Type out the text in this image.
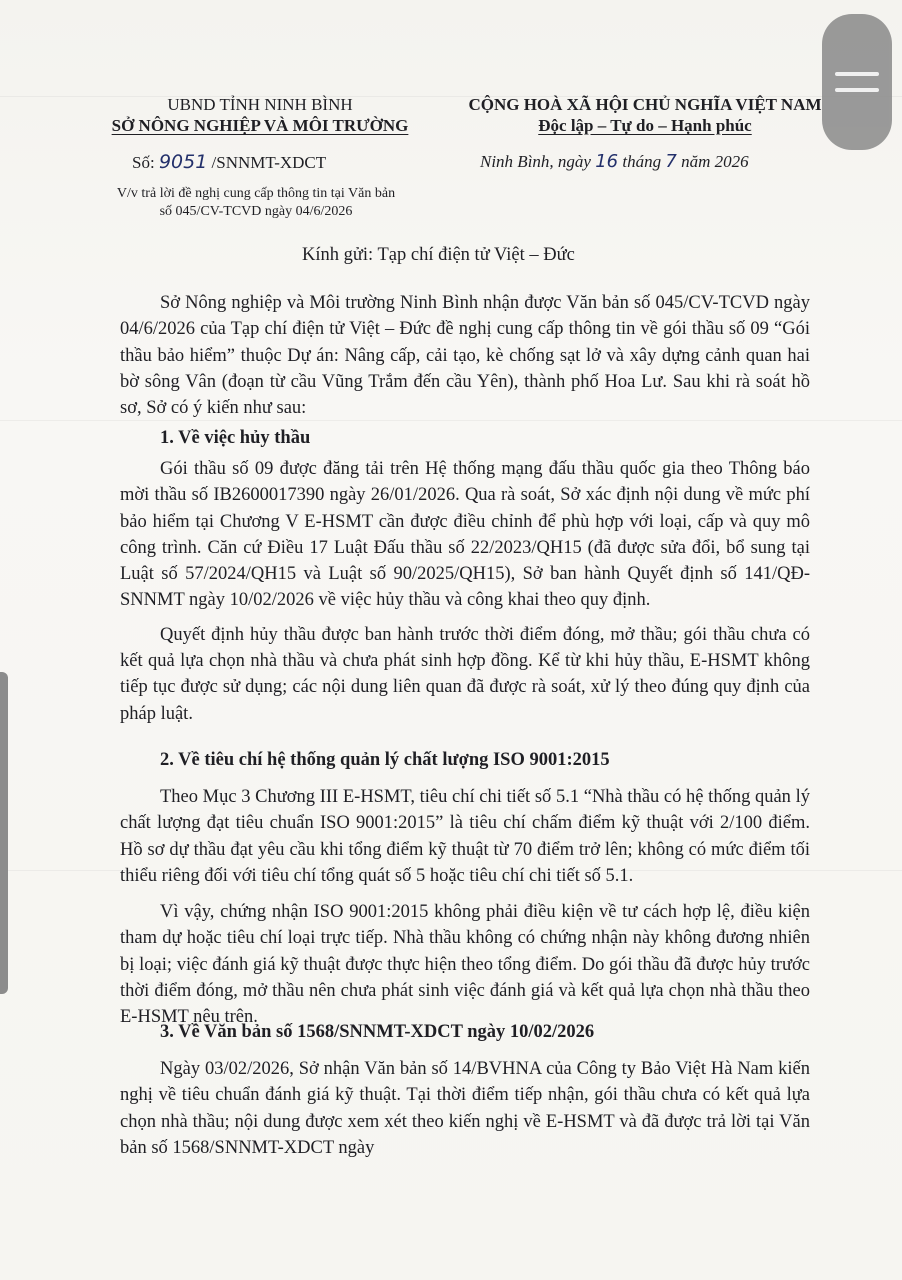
UBND TỈNH NINH BÌNH
SỞ NÔNG NGHIỆP VÀ MÔI TRƯỜNG
CỘNG HOÀ XÃ HỘI CHỦ NGHĨA VIỆT NAM
Độc lập – Tự do – Hạnh phúc
Số: 9051 /SNNMT-XDCT	Ninh Bình, ngày 16 tháng 7 năm 2026
V/v trả lời đề nghị cung cấp thông tin tại Văn bản
số 045/CV-TCVD ngày 04/6/2026
Kính gửi: Tạp chí điện tử Việt – Đức

Sở Nông nghiệp và Môi trường Ninh Bình nhận được Văn bản số 045/CV-TCVD ngày 04/6/2026 của Tạp chí điện tử Việt – Đức đề nghị cung cấp thông tin về gói thầu số 09 “Gói thầu bảo hiểm” thuộc Dự án: Nâng cấp, cải tạo, kè chống sạt lở và xây dựng cảnh quan hai bờ sông Vân (đoạn từ cầu Vũng Trắm đến cầu Yên), thành phố Hoa Lư. Sau khi rà soát hồ sơ, Sở có ý kiến như sau:

1. Về việc hủy thầu

Gói thầu số 09 được đăng tải trên Hệ thống mạng đấu thầu quốc gia theo Thông báo mời thầu số IB2600017390 ngày 26/01/2026. Qua rà soát, Sở xác định nội dung về mức phí bảo hiểm tại Chương V E-HSMT cần được điều chỉnh để phù hợp với loại, cấp và quy mô công trình. Căn cứ Điều 17 Luật Đấu thầu số 22/2023/QH15 (đã được sửa đổi, bổ sung tại Luật số 57/2024/QH15 và Luật số 90/2025/QH15), Sở ban hành Quyết định số 141/QĐ-SNNMT ngày 10/02/2026 về việc hủy thầu và công khai theo quy định.

Quyết định hủy thầu được ban hành trước thời điểm đóng, mở thầu; gói thầu chưa có kết quả lựa chọn nhà thầu và chưa phát sinh hợp đồng. Kể từ khi hủy thầu, E-HSMT không tiếp tục được sử dụng; các nội dung liên quan đã được rà soát, xử lý theo đúng quy định của pháp luật.

2. Về tiêu chí hệ thống quản lý chất lượng ISO 9001:2015

Theo Mục 3 Chương III E-HSMT, tiêu chí chi tiết số 5.1 “Nhà thầu có hệ thống quản lý chất lượng đạt tiêu chuẩn ISO 9001:2015” là tiêu chí chấm điểm kỹ thuật với 2/100 điểm. Hồ sơ dự thầu đạt yêu cầu khi tổng điểm kỹ thuật từ 70 điểm trở lên; không có mức điểm tối thiểu riêng đối với tiêu chí tổng quát số 5 hoặc tiêu chí chi tiết số 5.1.

Vì vậy, chứng nhận ISO 9001:2015 không phải điều kiện về tư cách hợp lệ, điều kiện tham dự hoặc tiêu chí loại trực tiếp. Nhà thầu không có chứng nhận này không đương nhiên bị loại; việc đánh giá kỹ thuật được thực hiện theo tổng điểm. Do gói thầu đã được hủy trước thời điểm đóng, mở thầu nên chưa phát sinh việc đánh giá và kết quả lựa chọn nhà thầu theo E-HSMT nêu trên.

3. Về Văn bản số 1568/SNNMT-XDCT ngày 10/02/2026

Ngày 03/02/2026, Sở nhận Văn bản số 14/BVHNA của Công ty Bảo Việt Hà Nam kiến nghị về tiêu chuẩn đánh giá kỹ thuật. Tại thời điểm tiếp nhận, gói thầu chưa có kết quả lựa chọn nhà thầu; nội dung được xem xét theo kiến nghị về E-HSMT và đã được trả lời tại Văn bản số 1568/SNNMT-XDCT ngày
